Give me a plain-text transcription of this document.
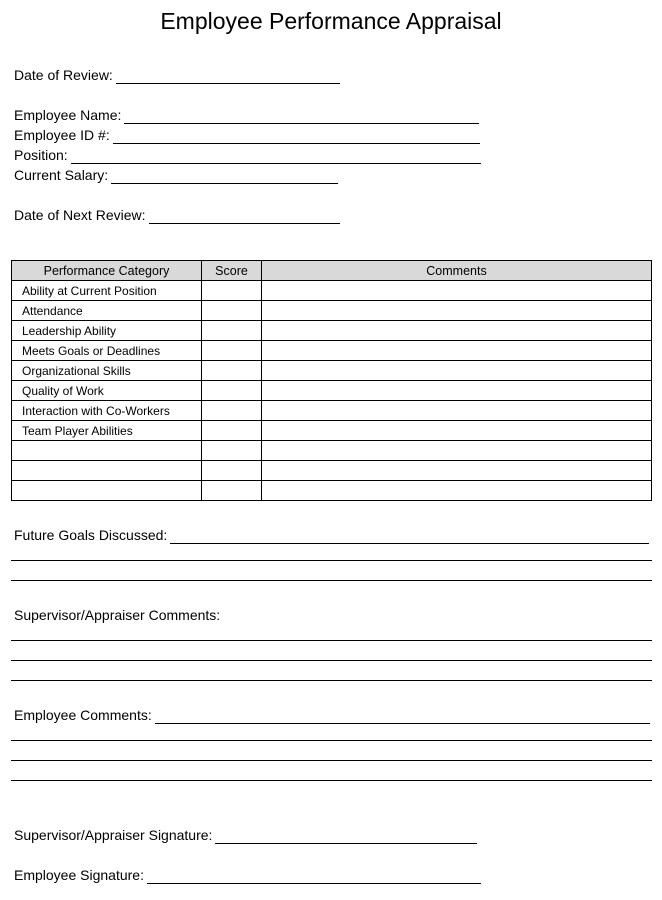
Employee Performance Appraisal
Date of Review:
Employee Name:
Employee ID #:
Position:
Current Salary:
Date of Next Review:
Performance Category	Score	Comments
Ability at Current Position		
Attendance		
Leadership Ability		
Meets Goals or Deadlines		
Organizational Skills		
Quality of Work		
Interaction with Co-Workers		
Team Player Abilities		

Future Goals Discussed:
Supervisor/Appraiser Comments:
Employee Comments:
Supervisor/Appraiser Signature:
Employee Signature:
